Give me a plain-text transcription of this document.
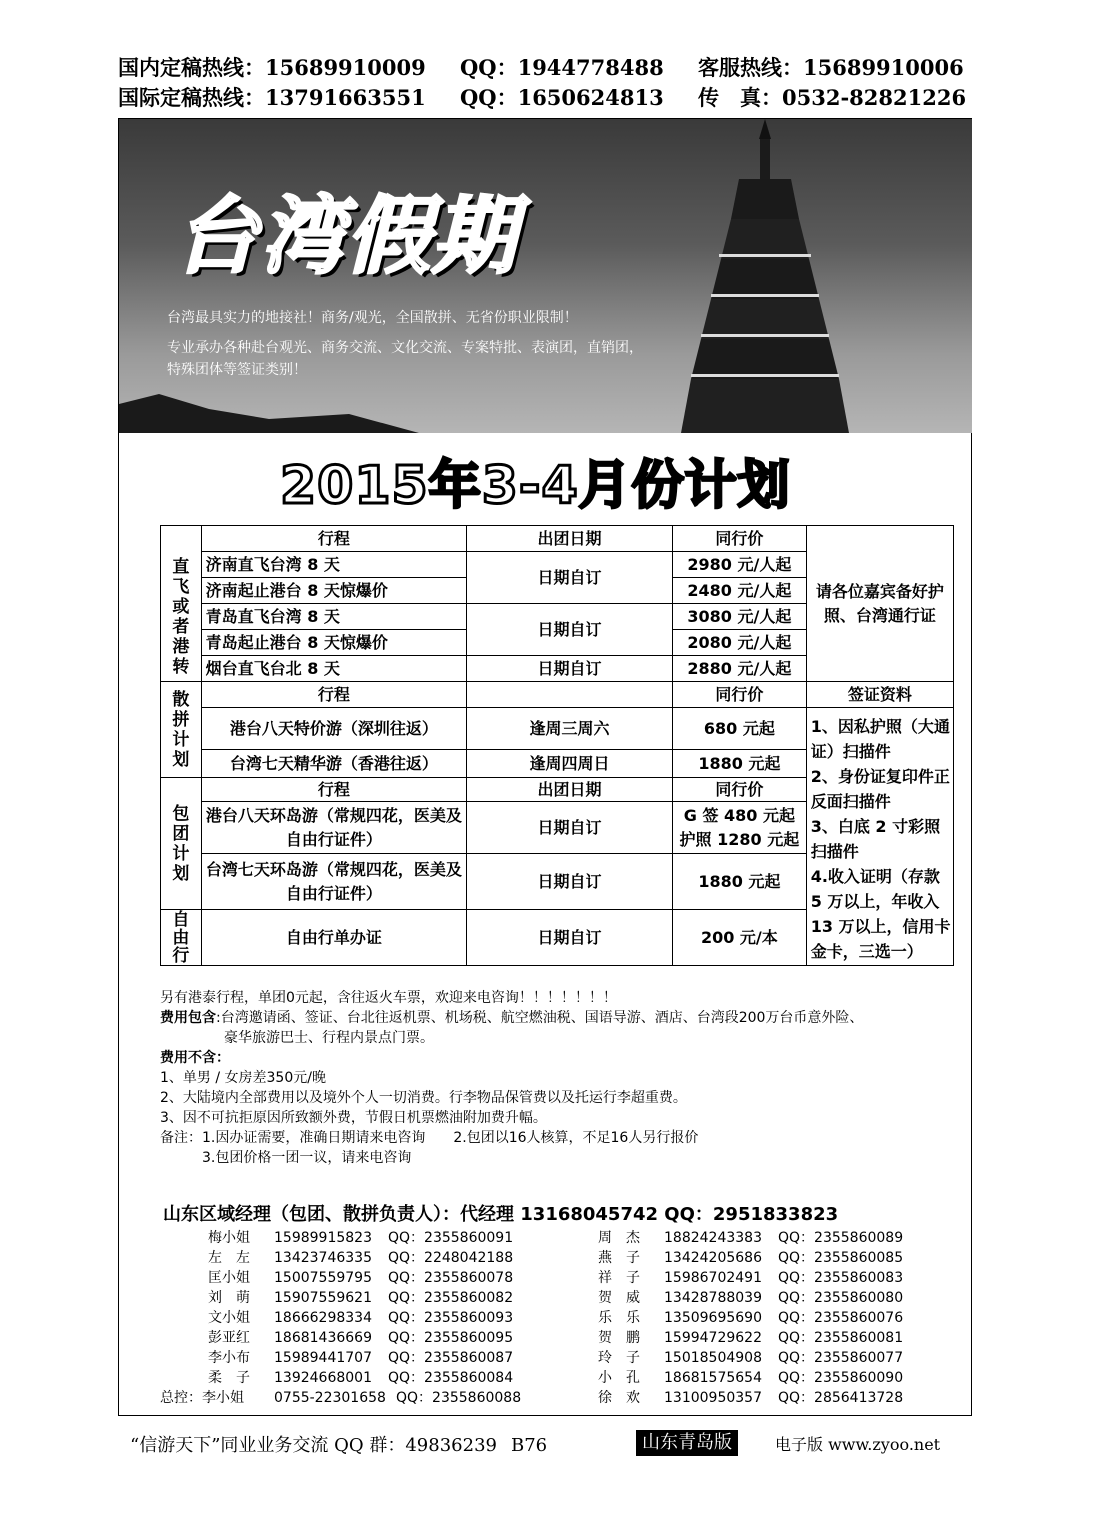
国内定稿热线：15689910009 QQ：1944778488 客服热线：15689910006
国际定稿热线：13791663551 QQ：1650624813 传　真：0532-82821226
台湾假期
台湾最具实力的地接社！商务/观光，全国散拼、无省份职业限制！
专业承办各种赴台观光、商务交流、文化交流、专案特批、表演团，直销团，
特殊团体等签证类别！
2015年3-4月份计划
直飞或者港转	行程	出团日期	同行价	请各位嘉宾备好护照、台湾通行证
	济南直飞台湾 8 天	日期自订	2980 元/人起	
	济南起止港台 8 天惊爆价		2480 元/人起	
	青岛直飞台湾 8 天	日期自订	3080 元/人起	
	青岛起止港台 8 天惊爆价		2080 元/人起	
	烟台直飞台北 8 天	日期自订	2880 元/人起	

散拼计划	行程		同行价	签证资料
	港台八天特价游（深圳往返）	逢周三周六	680 元起	1、因私护照（大通证）扫描件
2、身份证复印件正反面扫描件
3、白底 2 寸彩照扫描件
4.收入证明（存款 5 万以上，年收入 13 万以上，信用卡金卡，三选一）

	台湾七天精华游（香港往返）	逢周四周日	1880 元起	

包团计划	行程	出团日期	同行价	
	港台八天环岛游（常规四花，医美及自由行证件）	日期自订	G 签 480 元起
护照 1280 元起	

	台湾七天环岛游（常规四花，医美及自由行证件）	日期自订	1880 元起	

自由行	自由行单办证	日期自订	200 元/本	
另有港泰行程，单团0元起，含往返火车票，欢迎来电咨询！！！！！！！
费用包含:台湾邀请函、签证、台北往返机票、机场税、航空燃油税、国语导游、酒店、台湾段200万台币意外险、
豪华旅游巴士、行程内景点门票。
费用不含：
1、单男 / 女房差350元/晚
2、大陆境内全部费用以及境外个人一切消费。行李物品保管费以及托运行李超重费。
3、因不可抗拒原因所致额外费，节假日机票燃油附加费升幅。
备注：1.因办证需要，准确日期请来电咨询　　2.包团以16人核算，不足16人另行报价
3.包团价格一团一议，请来电咨询
山东区域经理（包团、散拼负责人）：代经理 13168045742 QQ：2951833823
梅小姐 15989915823 QQ：2355860091
左　左 13423746335 QQ：2248042188
匡小姐 15007559795 QQ：2355860078
刘　萌 15907559621 QQ：2355860082
文小姐 18666298334 QQ：2355860093
彭亚红 18681436669 QQ：2355860095
李小布 15989441707 QQ：2355860087
柔　子 13924668001 QQ：2355860084
总控：李小姐 0755-22301658 QQ：2355860088
周　杰 18824243383 QQ：2355860089
燕　子 13424205686 QQ：2355860085
祥　子 15986702491 QQ：2355860083
贺　威 13428788039 QQ：2355860080
乐　乐 13509695690 QQ：2355860076
贺　鹏 15994729622 QQ：2355860081
玲　子 15018504908 QQ：2355860077
小　孔 18681575654 QQ：2355860090
徐　欢 13100950357 QQ：2856413728
“信游天下”同业业务交流 QQ 群：49836239 B76	山东青岛版	电子版 www.zyoo.net
